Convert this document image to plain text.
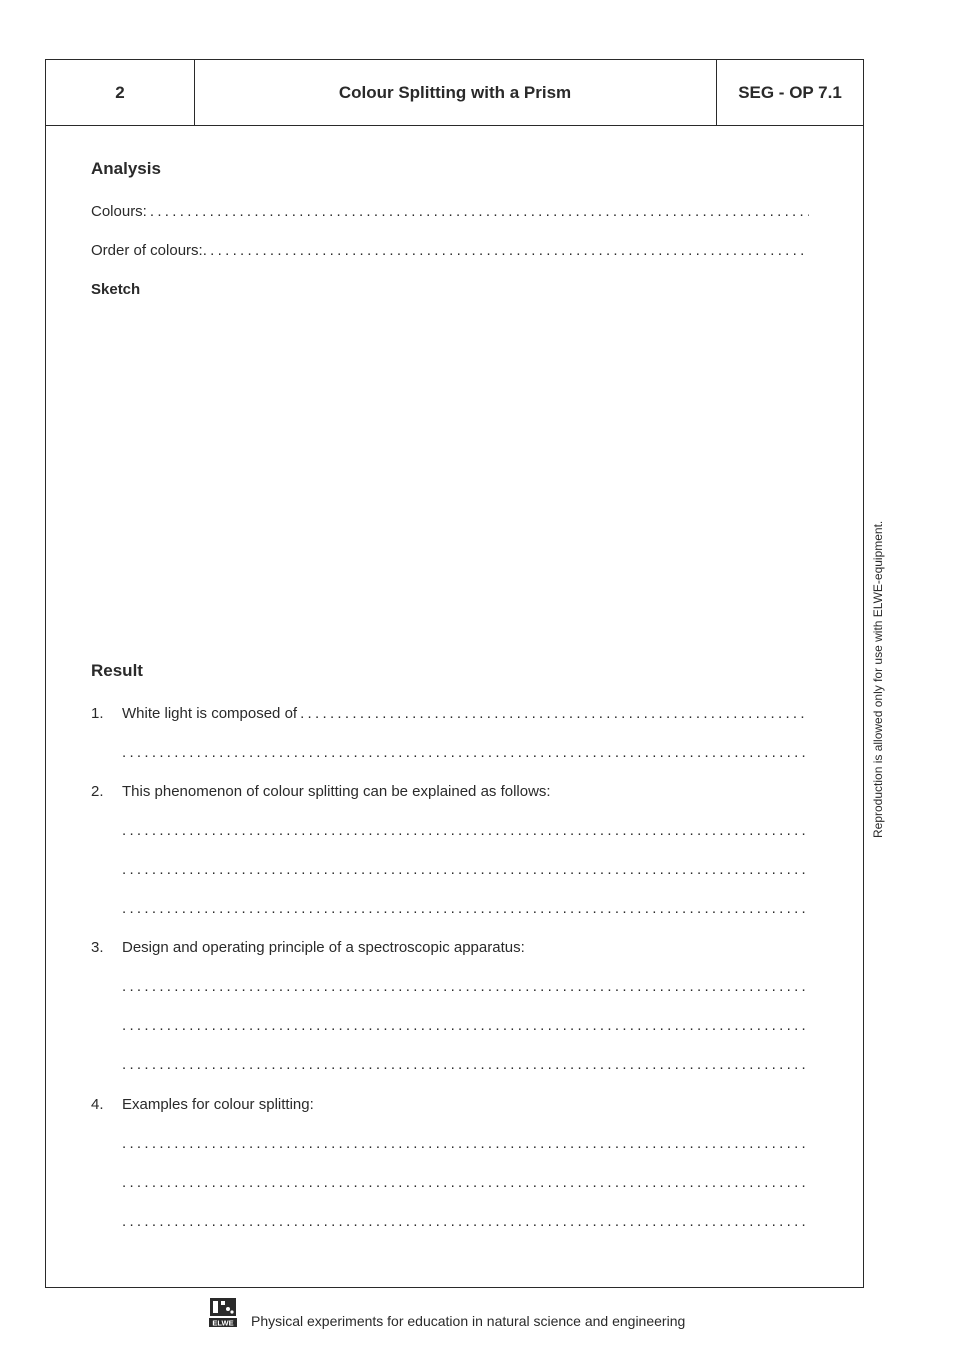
2	Colour Splitting with a Prism	SEG - OP 7.1
Analysis
Colours:
.....
Order of colours:
.....
Sketch
Result
1. White light is composed of
.....
.....
2. This phenomenon of colour splitting can be explained as follows:
.....
.....
.....
3. Design and operating principle of a spectroscopic apparatus:
.....
.....
.....
4. Examples for colour splitting:
.....
.....
.....
Reproduction is allowed only for use with ELWE-equipment.
ELWE Physical experiments for education in natural science and engineering
